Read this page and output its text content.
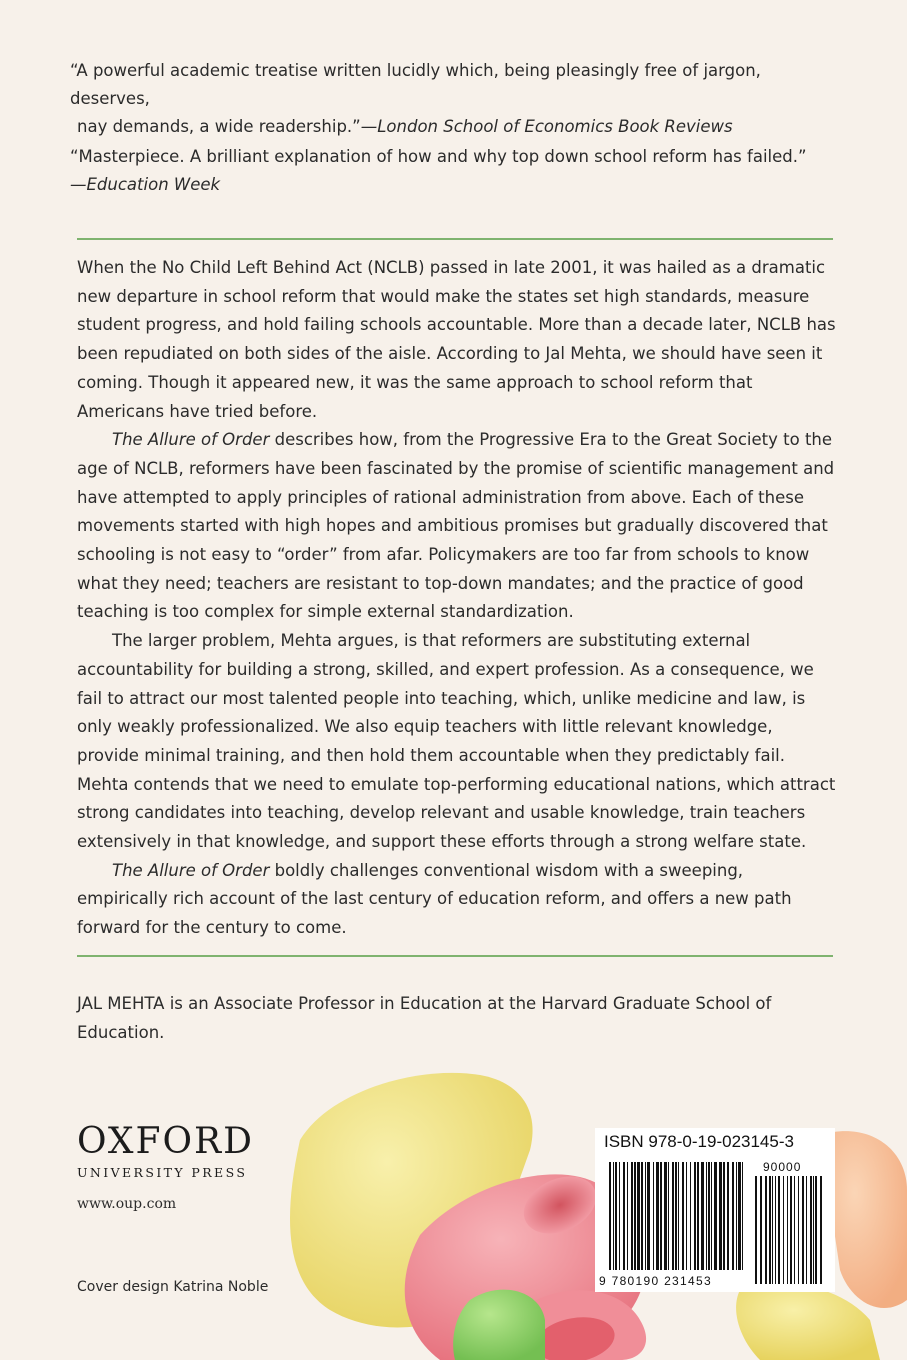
“A powerful academic treatise written lucidly which, being pleasingly free of jargon, deserves,
nay demands, a wide readership.”—London School of Economics Book Reviews
“Masterpiece. A brilliant explanation of how and why top down school reform has failed.”
—Education Week

When the No Child Left Behind Act (NCLB) passed in late 2001, it was hailed as a dramatic new departure in school reform that would make the states set high standards, measure student progress, and hold failing schools accountable. More than a decade later, NCLB has been repudiated on both sides of the aisle. According to Jal Mehta, we should have seen it coming. Though it appeared new, it was the same approach to school reform that Americans have tried before.

The Allure of Order describes how, from the Progressive Era to the Great Society to the age of NCLB, reformers have been fascinated by the promise of scientific management and have attempted to apply principles of rational administration from above. Each of these movements started with high hopes and ambitious promises but gradually discovered that schooling is not easy to “order” from afar. Policymakers are too far from schools to know what they need; teachers are resistant to top-down mandates; and the practice of good teaching is too complex for simple external standardization.

The larger problem, Mehta argues, is that reformers are substituting external accountability for building a strong, skilled, and expert profession. As a consequence, we fail to attract our most talented people into teaching, which, unlike medicine and law, is only weakly professionalized. We also equip teachers with little relevant knowledge, provide minimal training, and then hold them accountable when they predictably fail. Mehta contends that we need to emulate top-performing educational nations, which attract strong candidates into teaching, develop relevant and usable knowledge, train teachers extensively in that knowledge, and support these efforts through a strong welfare state.

The Allure of Order boldly challenges conventional wisdom with a sweeping, empirically rich account of the last century of education reform, and offers a new path forward for the century to come.

JAL MEHTA is an Associate Professor in Education at the Harvard Graduate School of Education.
OXFORD
UNIVERSITY PRESS
www.oup.com
Cover design Katrina Noble
ISBN 978-0-19-023145-3
90000
9 780190 231453
